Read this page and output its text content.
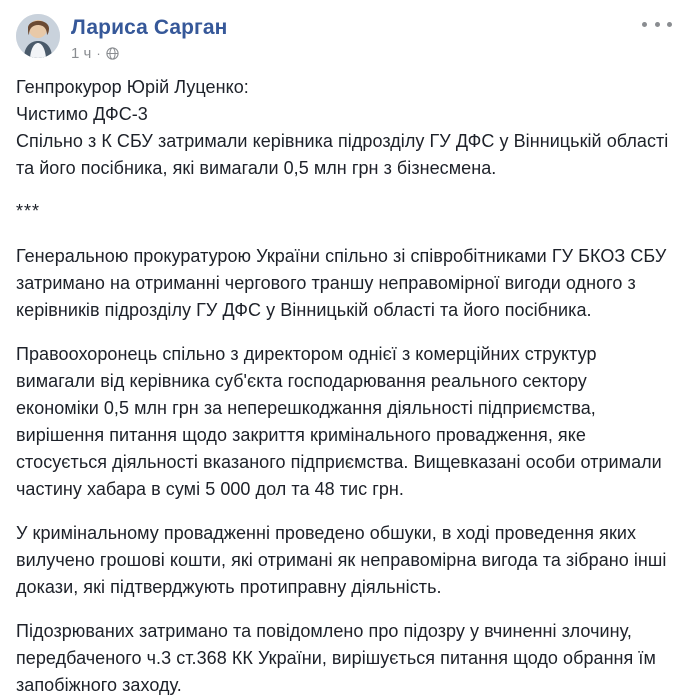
Лариса Сарган
1 ч ·

Генпрокурор Юрій Луценко:

Чистимо ДФС-3

Спільно з К СБУ затримали керівника підрозділу ГУ ДФС у Вінницькій області та його посібника, які вимагали 0,5 млн грн з бізнесмена.

***

Генеральною прокуратурою України спільно зі співробітниками ГУ БКОЗ СБУ затримано на отриманні чергового траншу неправомірної вигоди одного з керівників підрозділу ГУ ДФС у Вінницькій області та його посібника.

Правоохоронець спільно з директором однієї з комерційних структур вимагали від керівника суб'єкта господарювання реального сектору економіки 0,5 млн грн за неперешкоджання діяльності підприємства, вирішення питання щодо закриття кримінального провадження, яке стосується діяльності вказаного підприємства. Вищевказані особи отримали частину хабара в сумі 5 000 дол та 48 тис грн.

У кримінальному провадженні проведено обшуки, в ході проведення яких вилучено грошові кошти, які отримані як неправомірна вигода та зібрано інші докази, які підтверджують протиправну діяльність.

Підозрюваних затримано та повідомлено про підозру у вчиненні злочину, передбаченого ч.3 ст.368 КК України, вирішується питання щодо обрання їм запобіжного заходу.
